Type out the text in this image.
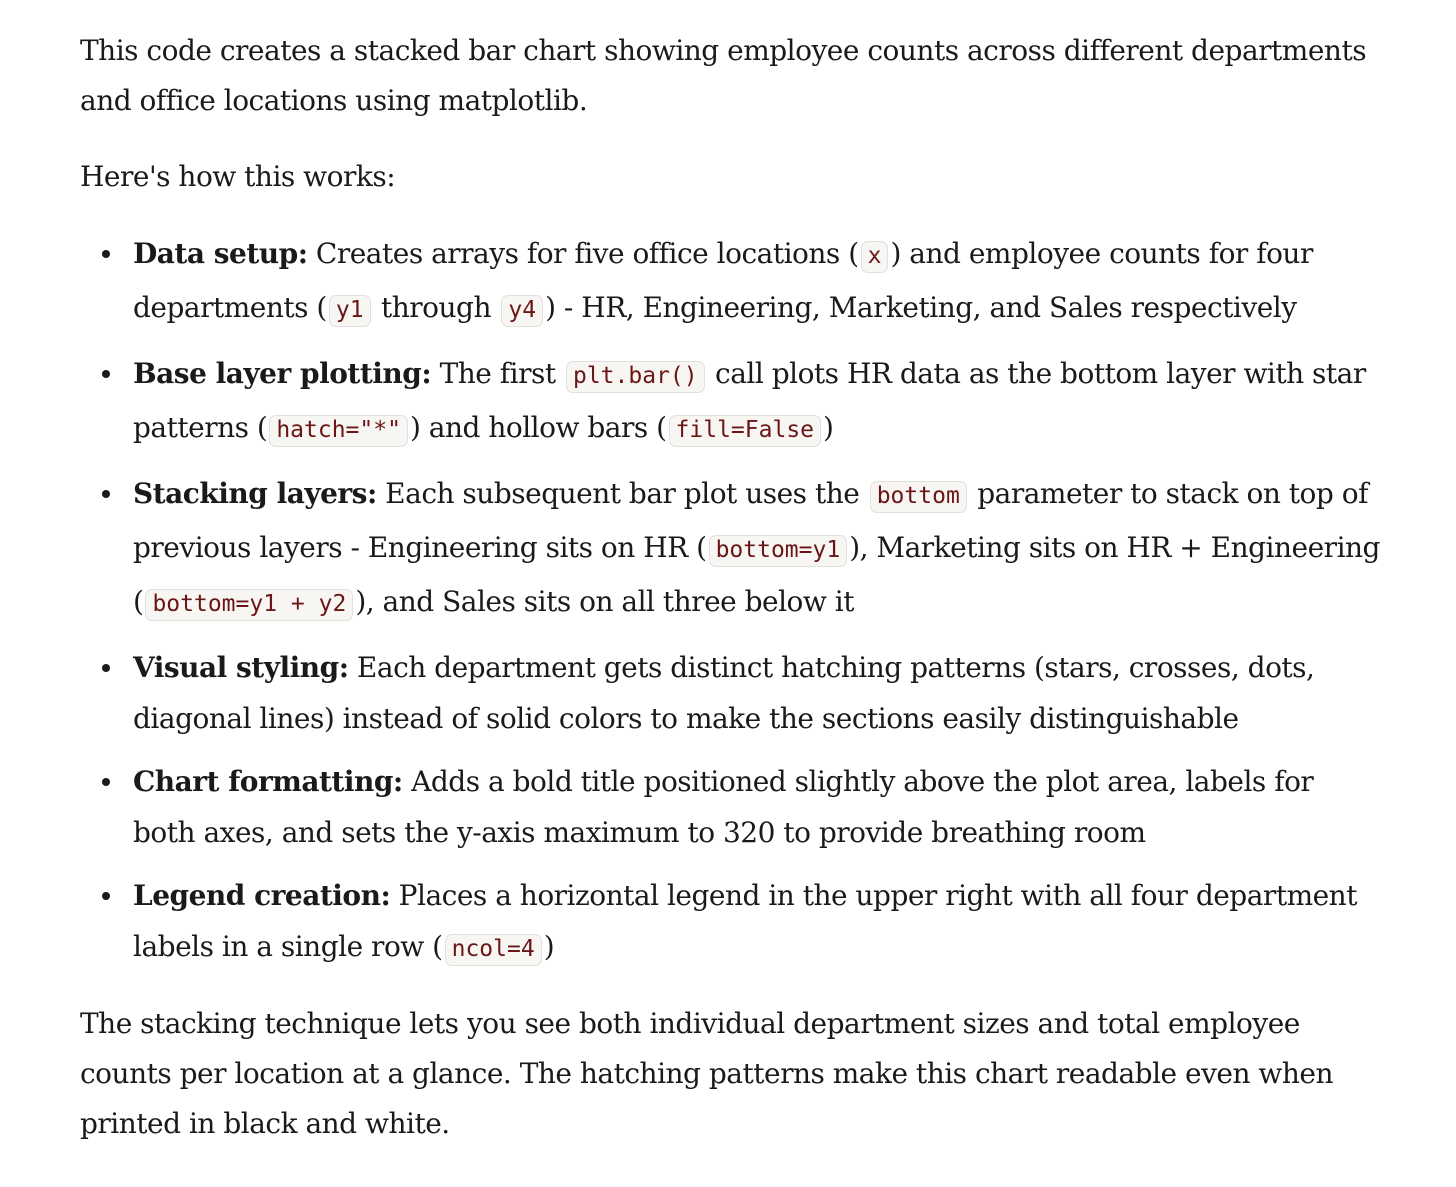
This code creates a stacked bar chart showing employee counts across different departments and office locations using matplotlib.

Here's how this works:

Data setup: Creates arrays for five office locations ( x ) and employee counts for four departments ( y1 through y4 ) - HR, Engineering, Marketing, and Sales respectively
Base layer plotting: The first plt.bar() call plots HR data as the bottom layer with star patterns ( hatch="*" ) and hollow bars ( fill=False )
Stacking layers: Each subsequent bar plot uses the bottom parameter to stack on top of previous layers - Engineering sits on HR ( bottom=y1 ), Marketing sits on HR + Engineering ( bottom=y1 + y2 ), and Sales sits on all three below it
Visual styling: Each department gets distinct hatching patterns (stars, crosses, dots, diagonal lines) instead of solid colors to make the sections easily distinguishable
Chart formatting: Adds a bold title positioned slightly above the plot area, labels for both axes, and sets the y-axis maximum to 320 to provide breathing room
Legend creation: Places a horizontal legend in the upper right with all four department labels in a single row ( ncol=4 )

The stacking technique lets you see both individual department sizes and total employee counts per location at a glance. The hatching patterns make this chart readable even when printed in black and white.
